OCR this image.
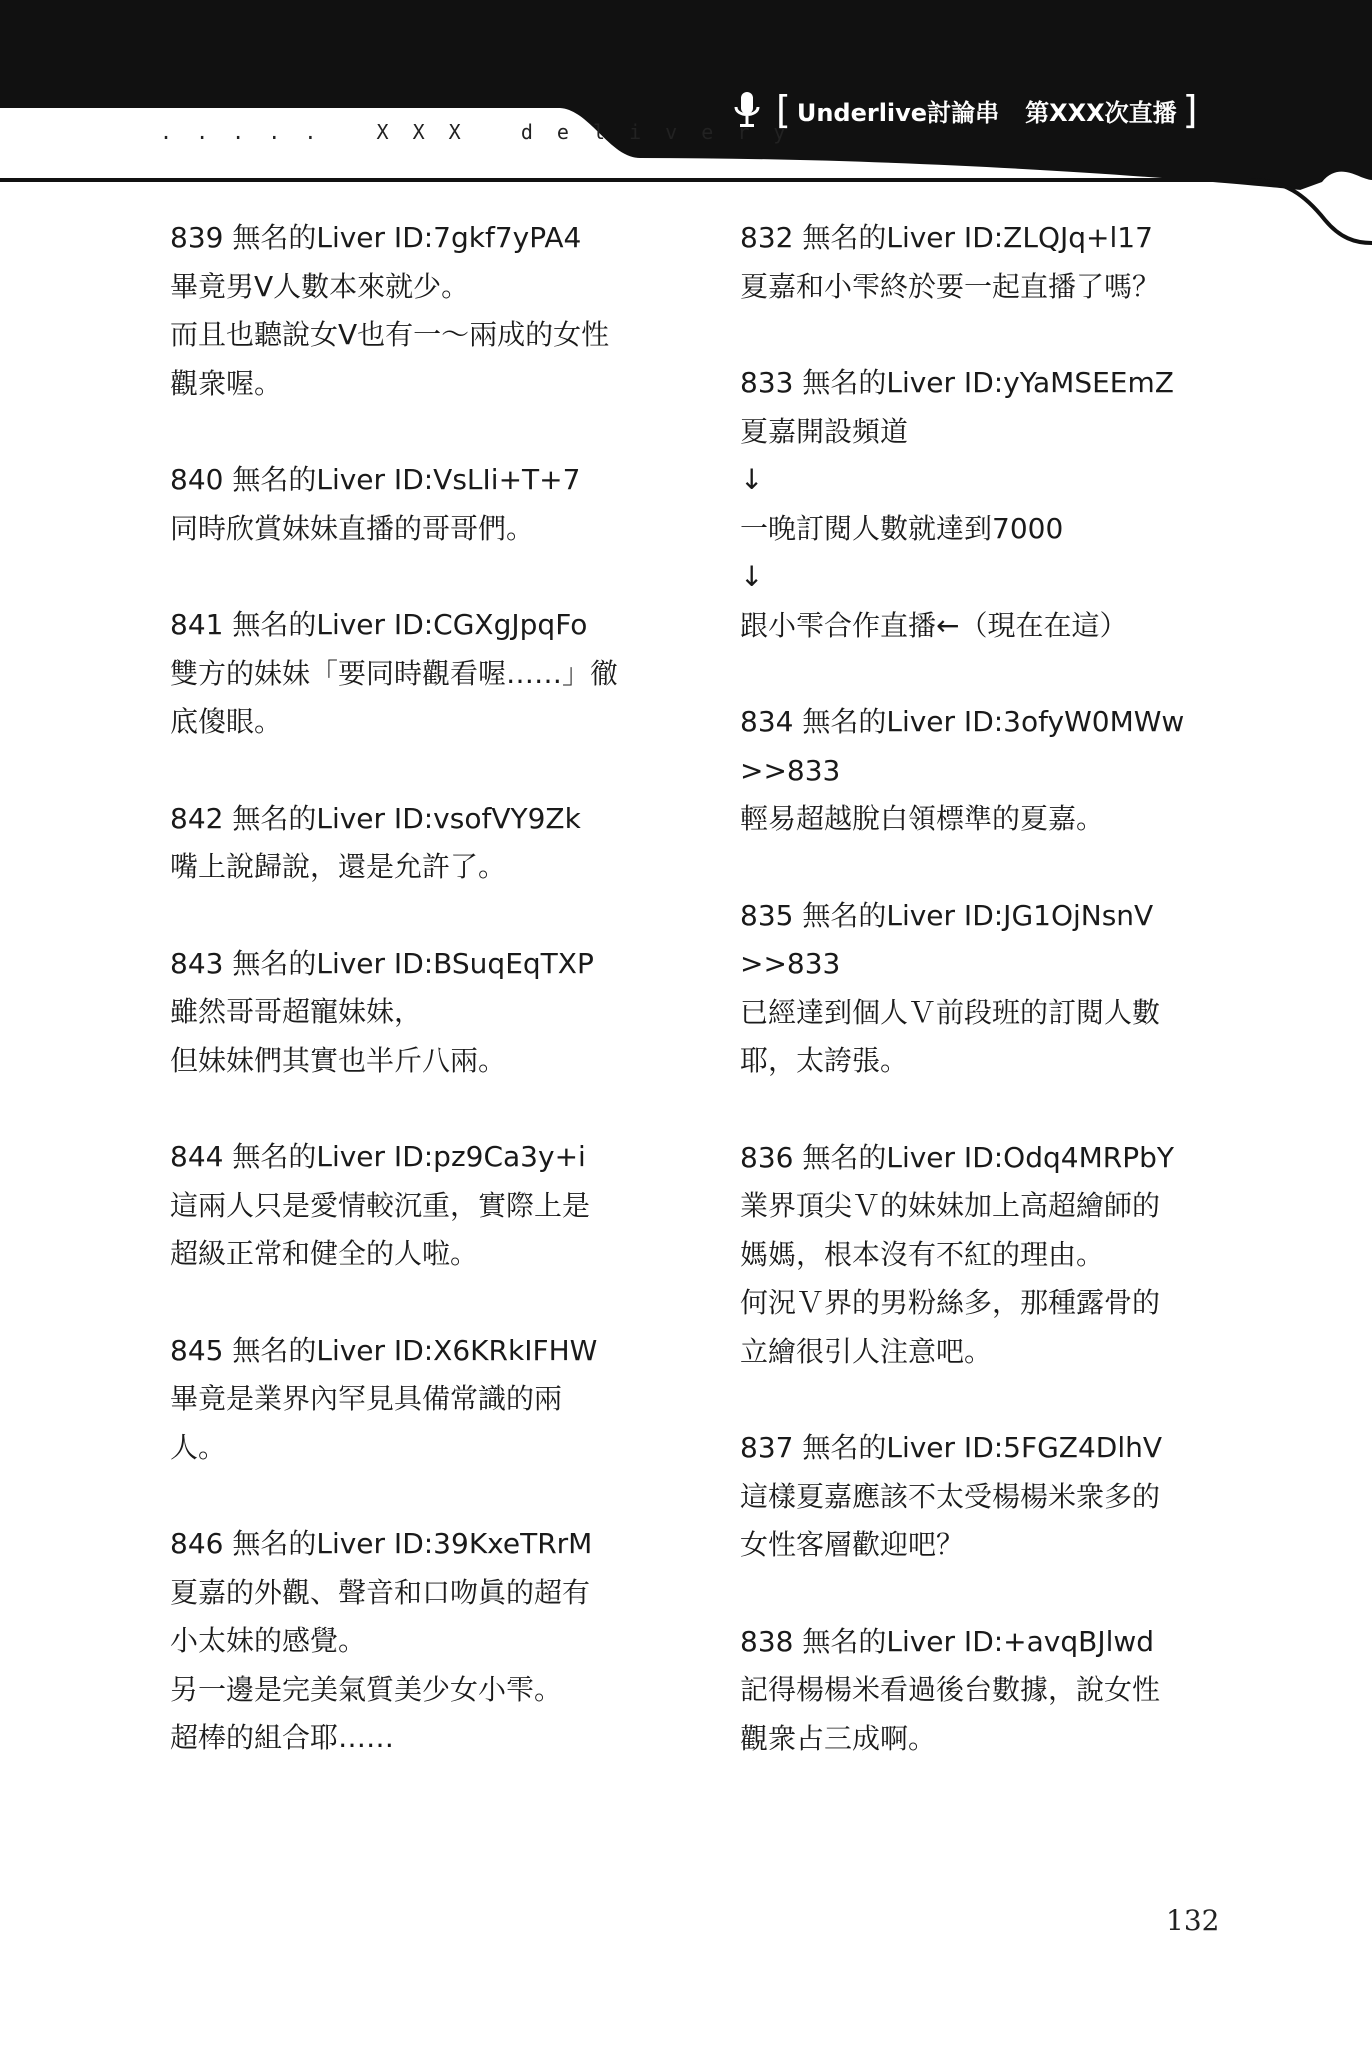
[ Underlive討論串 第XXX次直播 ]
. . . . .   X X X   d e l i v e r y
839 無名的Liver ID:7gkf7yPA4
畢竟男V人數本來就少。
而且也聽說女V也有一～兩成的女性
觀衆喔。
840 無名的Liver ID:VsLIi+T+7
同時欣賞妹妹直播的哥哥們。
841 無名的Liver ID:CGXgJpqFo
雙方的妹妹「要同時觀看喔……」徹
底傻眼。
842 無名的Liver ID:vsofVY9Zk
嘴上說歸說，還是允許了。
843 無名的Liver ID:BSuqEqTXP
雖然哥哥超寵妹妹，
但妹妹們其實也半斤八兩。
844 無名的Liver ID:pz9Ca3y+i
這兩人只是愛情較沉重，實際上是
超級正常和健全的人啦。
845 無名的Liver ID:X6KRkIFHW
畢竟是業界內罕見具備常識的兩
人。
846 無名的Liver ID:39KxeTRrM
夏嘉的外觀、聲音和口吻眞的超有
小太妹的感覺。
另一邊是完美氣質美少女小雫。
超棒的組合耶……
832 無名的Liver ID:ZLQJq+l17
夏嘉和小雫終於要一起直播了嗎？
833 無名的Liver ID:yYaMSEEmZ
夏嘉開設頻道
↓
一晚訂閱人數就達到7000
↓
跟小雫合作直播←（現在在這）
834 無名的Liver ID:3ofyW0MWw
>>833
輕易超越脫白領標準的夏嘉。
835 無名的Liver ID:JG1OjNsnV
>>833
已經達到個人Ｖ前段班的訂閱人數
耶，太誇張。
836 無名的Liver ID:Odq4MRPbY
業界頂尖Ｖ的妹妹加上高超繪師的
媽媽，根本沒有不紅的理由。
何況Ｖ界的男粉絲多，那種露骨的
立繪很引人注意吧。
837 無名的Liver ID:5FGZ4DlhV
這樣夏嘉應該不太受楊楊米衆多的
女性客層歡迎吧？
838 無名的Liver ID:+avqBJlwd
記得楊楊米看過後台數據，說女性
觀衆占三成啊。
132
